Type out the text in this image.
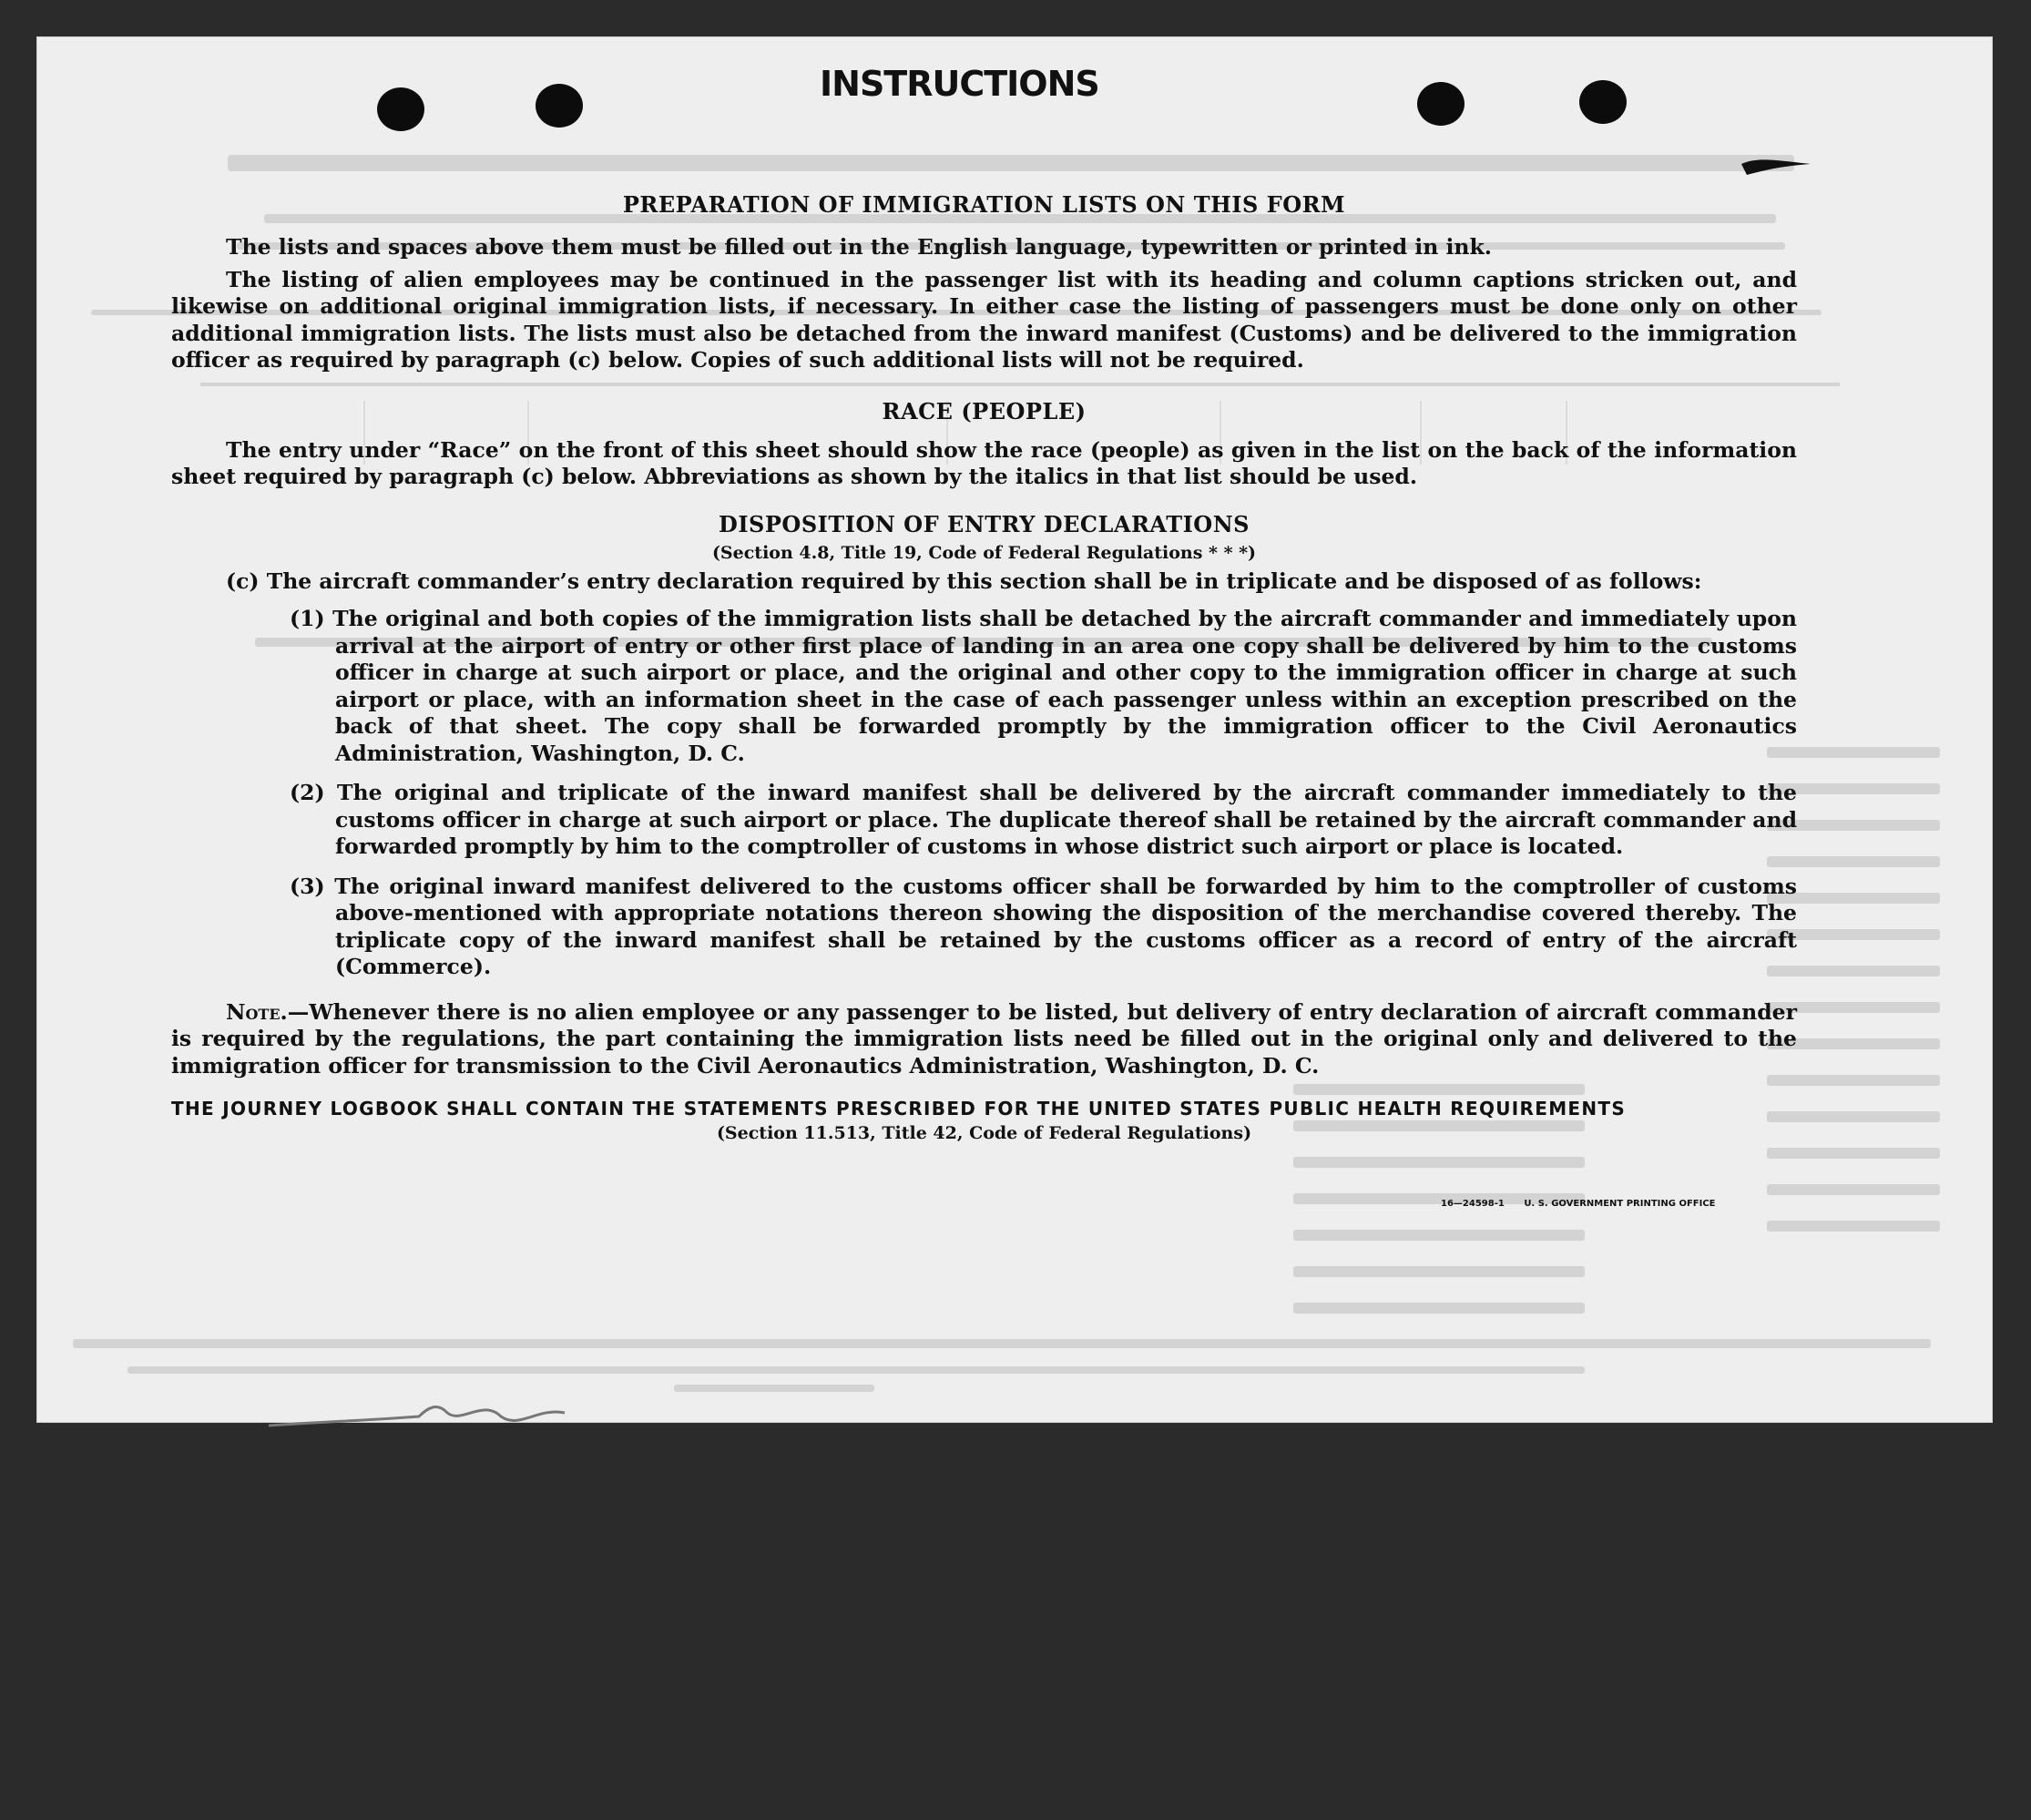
INSTRUCTIONS
PREPARATION OF IMMIGRATION LISTS ON THIS FORM

The lists and spaces above them must be filled out in the English language, typewritten or printed in ink.

The listing of alien employees may be continued in the passenger list with its heading and column captions stricken out, and likewise on additional original immigration lists, if necessary. In either case the listing of passengers must be done only on other additional immigration lists. The lists must also be detached from the inward manifest (Customs) and be delivered to the immigration officer as required by paragraph (c) below. Copies of such additional lists will not be required.

RACE (PEOPLE)

The entry under “Race” on the front of this sheet should show the race (people) as given in the list on the back of the information sheet required by paragraph (c) below. Abbreviations as shown by the italics in that list should be used.

DISPOSITION OF ENTRY DECLARATIONS
(Section 4.8, Title 19, Code of Federal Regulations * * *)

(c) The aircraft commander’s entry declaration required by this section shall be in triplicate and be disposed of as follows:

(1) The original and both copies of the immigration lists shall be detached by the aircraft commander and immediately upon arrival at the airport of entry or other first place of landing in an area one copy shall be delivered by him to the customs officer in charge at such airport or place, and the original and other copy to the immigration officer in charge at such airport or place, with an information sheet in the case of each passenger unless within an exception prescribed on the back of that sheet. The copy shall be forwarded promptly by the immigration officer to the Civil Aeronautics Administration, Washington, D. C.

(2) The original and triplicate of the inward manifest shall be delivered by the aircraft commander immediately to the customs officer in charge at such airport or place. The duplicate thereof shall be retained by the aircraft commander and forwarded promptly by him to the comptroller of customs in whose district such airport or place is located.

(3) The original inward manifest delivered to the customs officer shall be forwarded by him to the comptroller of customs above-mentioned with appropriate notations thereon showing the disposition of the merchandise covered thereby. The triplicate copy of the inward manifest shall be retained by the customs officer as a record of entry of the aircraft (Commerce).

Note.—Whenever there is no alien employee or any passenger to be listed, but delivery of entry declaration of aircraft commander is required by the regulations, the part containing the immigration lists need be filled out in the original only and delivered to the immigration officer for transmission to the Civil Aeronautics Administration, Washington, D. C.

THE JOURNEY LOGBOOK SHALL CONTAIN THE STATEMENTS PRESCRIBED FOR THE UNITED STATES PUBLIC HEALTH REQUIREMENTS
(Section 11.513, Title 42, Code of Federal Regulations)
16—24598-1 U. S. GOVERNMENT PRINTING OFFICE
